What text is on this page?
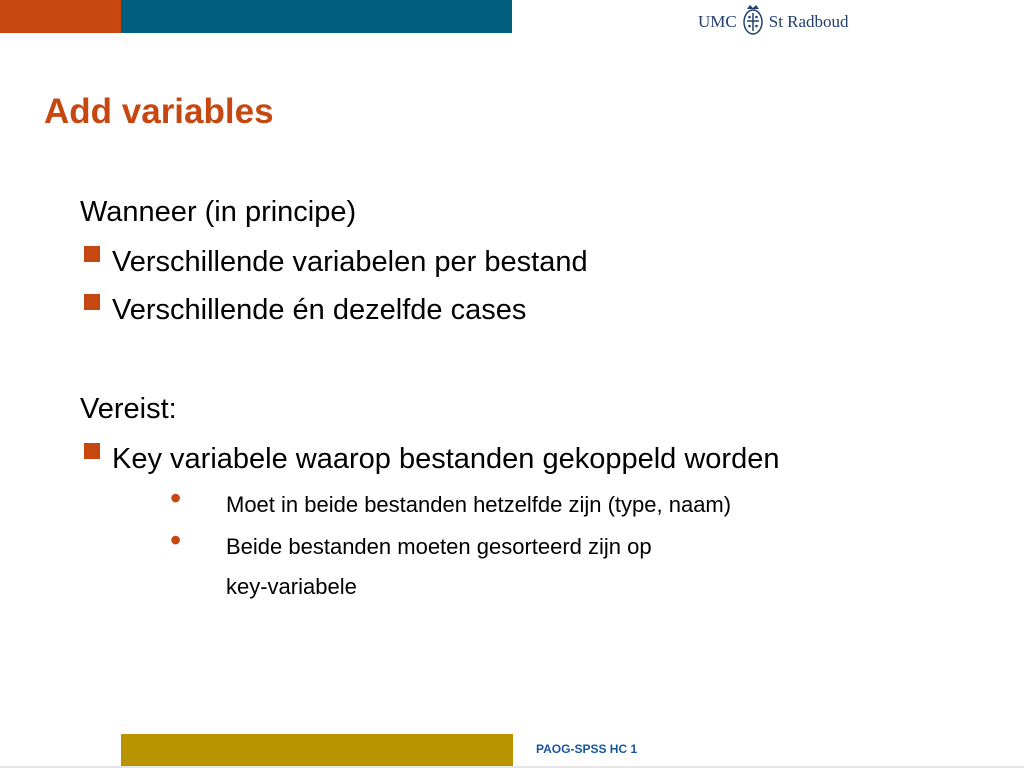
UMC St Radboud
Add variables
Wanneer (in principe)
Verschillende variabelen per bestand
Verschillende én dezelfde cases
Vereist:
Key variabele waarop bestanden gekoppeld worden
• Moet in beide bestanden hetzelfde zijn (type, naam)
• Beide bestanden moeten gesorteerd zijn op
key-variabele
PAOG-SPSS HC 1
